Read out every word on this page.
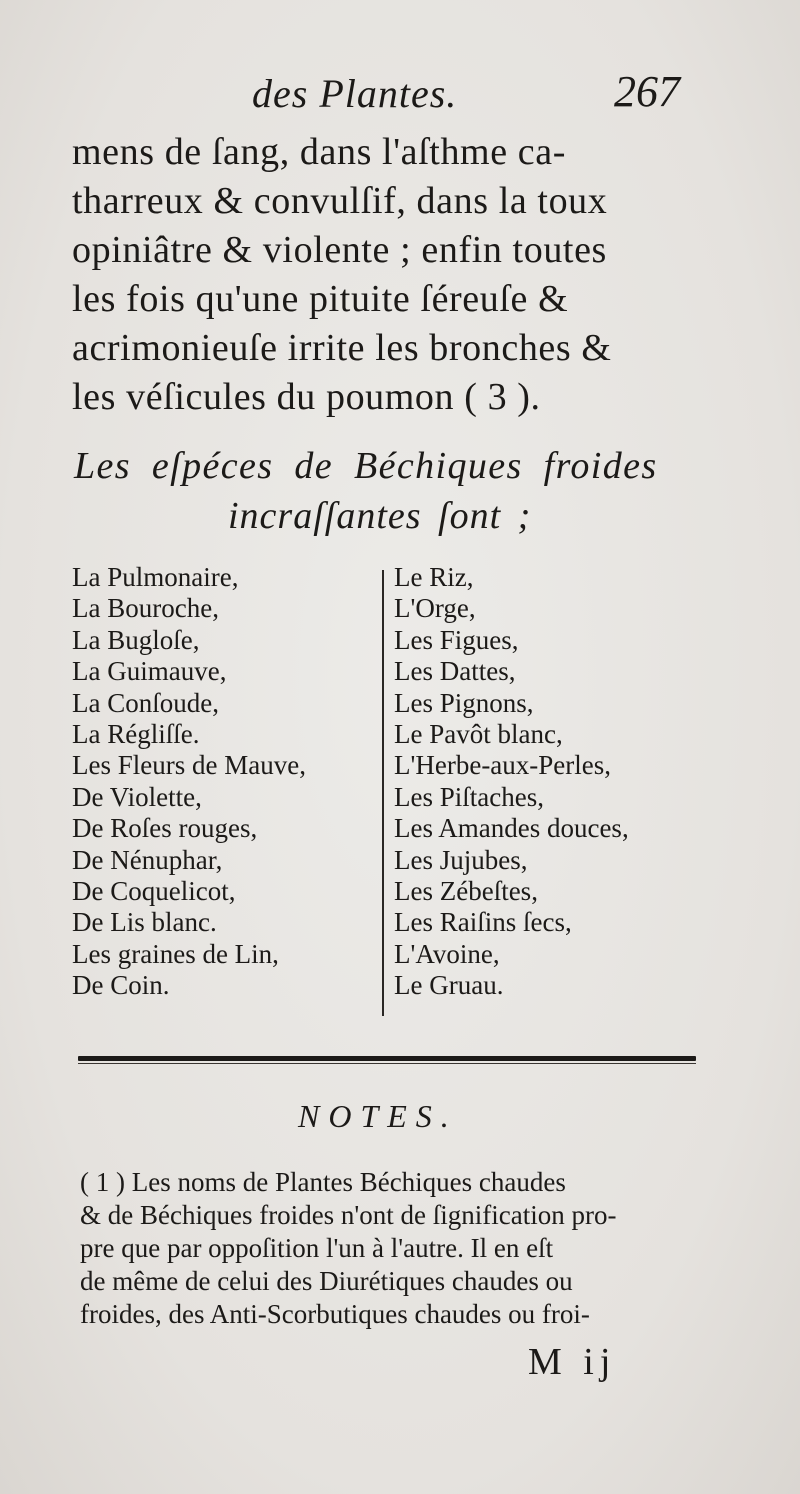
des Plantes.	267
mens de ſang, dans l'aſthme ca-
tharreux & convulſif, dans la toux
opiniâtre & violente ; enfin toutes
les fois qu'une pituite ſéreuſe &
acrimonieuſe irrite les bronches &
les véſicules du poumon ( 3 ).
Les eſpéces de Béchiques froides
incraſſantes ſont ;
La Pulmonaire,
La Bouroche,
La Bugloſe,
La Guimauve,
La Conſoude,
La Régliſſe.
Les Fleurs de Mauve,
De Violette,
De Roſes rouges,
De Nénuphar,
De Coquelicot,
De Lis blanc.
Les graines de Lin,
De Coin.
Le Riz,
L'Orge,
Les Figues,
Les Dattes,
Les Pignons,
Le Pavôt blanc,
L'Herbe-aux-Perles,
Les Piſtaches,
Les Amandes douces,
Les Jujubes,
Les Zébeſtes,
Les Raiſins ſecs,
L'Avoine,
Le Gruau.
NOTES.
( 1 ) Les noms de Plantes Béchiques chaudes
& de Béchiques froides n'ont de ſignification pro-
pre que par oppoſition l'un à l'autre. Il en eſt
de même de celui des Diurétiques chaudes ou
froides, des Anti-Scorbutiques chaudes ou froi-
M ij
